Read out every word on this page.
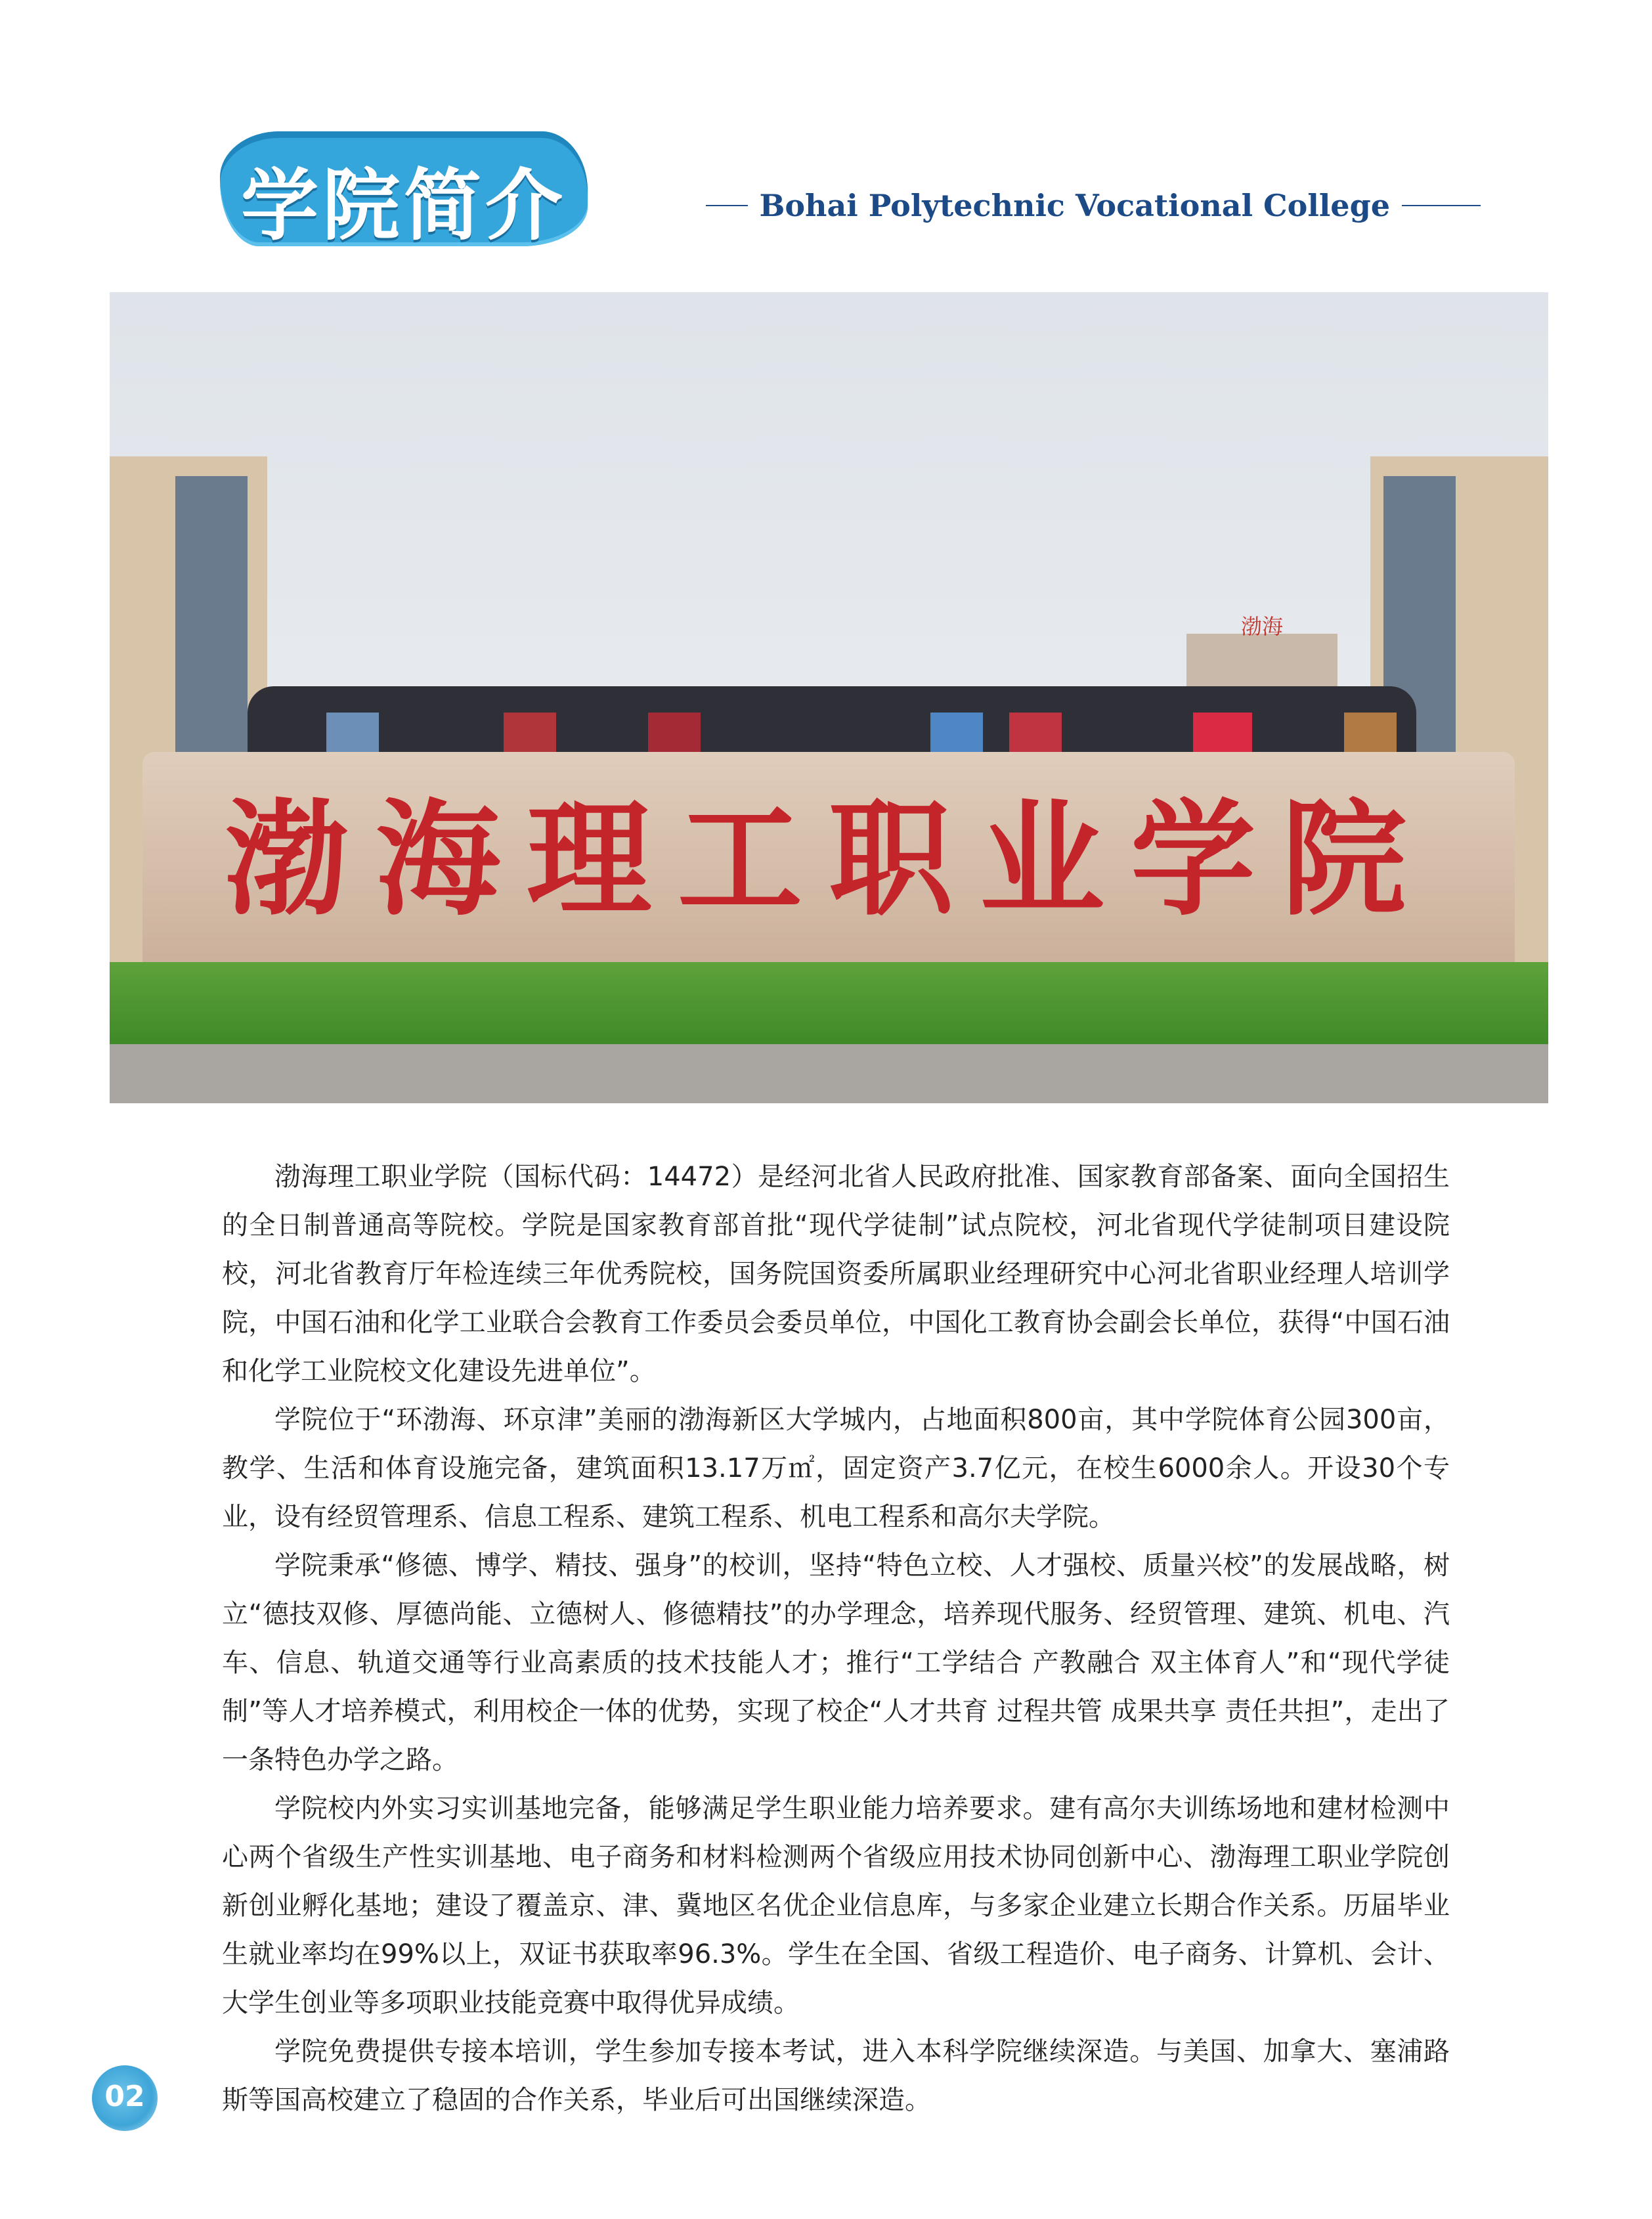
学院简介	Bohai Polytechnic Vocational College
渤海
渤海理工职业学院

渤海理工职业学院（国标代码：14472）是经河北省人民政府批准、国家教育部备案、面向全国招生的全日制普通高等院校。学院是国家教育部首批“现代学徒制”试点院校，河北省现代学徒制项目建设院校，河北省教育厅年检连续三年优秀院校，国务院国资委所属职业经理研究中心河北省职业经理人培训学院，中国石油和化学工业联合会教育工作委员会委员单位，中国化工教育协会副会长单位，获得“中国石油和化学工业院校文化建设先进单位”。

学院位于“环渤海、环京津”美丽的渤海新区大学城内，占地面积800亩，其中学院体育公园300亩，教学、生活和体育设施完备，建筑面积13.17万㎡，固定资产3.7亿元，在校生6000余人。开设30个专业，设有经贸管理系、信息工程系、建筑工程系、机电工程系和高尔夫学院。

学院秉承“修德、博学、精技、强身”的校训，坚持“特色立校、人才强校、质量兴校”的发展战略，树立“德技双修、厚德尚能、立德树人、修德精技”的办学理念，培养现代服务、经贸管理、建筑、机电、汽车、信息、轨道交通等行业高素质的技术技能人才；推行“工学结合 产教融合 双主体育人”和“现代学徒制”等人才培养模式，利用校企一体的优势，实现了校企“人才共育 过程共管 成果共享 责任共担”，走出了一条特色办学之路。

学院校内外实习实训基地完备，能够满足学生职业能力培养要求。建有高尔夫训练场地和建材检测中心两个省级生产性实训基地、电子商务和材料检测两个省级应用技术协同创新中心、渤海理工职业学院创新创业孵化基地；建设了覆盖京、津、冀地区名优企业信息库，与多家企业建立长期合作关系。历届毕业生就业率均在99%以上，双证书获取率96.3%。学生在全国、省级工程造价、电子商务、计算机、会计、大学生创业等多项职业技能竞赛中取得优异成绩。

学院免费提供专接本培训，学生参加专接本考试，进入本科学院继续深造。与美国、加拿大、塞浦路斯等国高校建立了稳固的合作关系，毕业后可出国继续深造。

02
